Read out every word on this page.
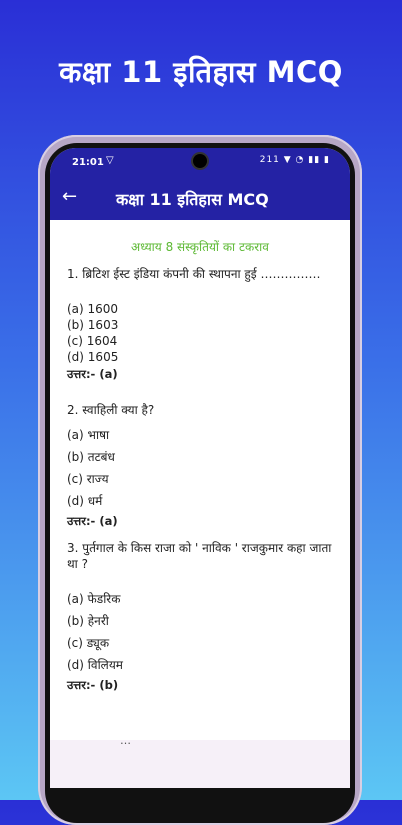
कक्षा 11 इतिहास MCQ
21:01 ▽	211 ▼ ◔ ▮▮ ▮
← कक्षा 11 इतिहास MCQ
अध्याय 8 संस्कृतियों का टकराव
1. ब्रिटिश ईस्ट इंडिया कंपनी की स्थापना हुई ……………
(a) 1600
(b) 1603
(c) 1604
(d) 1605
उत्तर:- (a)
2. स्वाहिली क्या है?
(a) भाषा
(b) तटबंध
(c) राज्य
(d) धर्म
उत्तर:- (a)
3. पुर्तगाल के किस राजा को ' नाविक ' राजकुमार कहा जाता था ?
(a) फेडरिक
(b) हेनरी
(c) ड्यूक
(d) विलियम
उत्तर:- (b)
…
